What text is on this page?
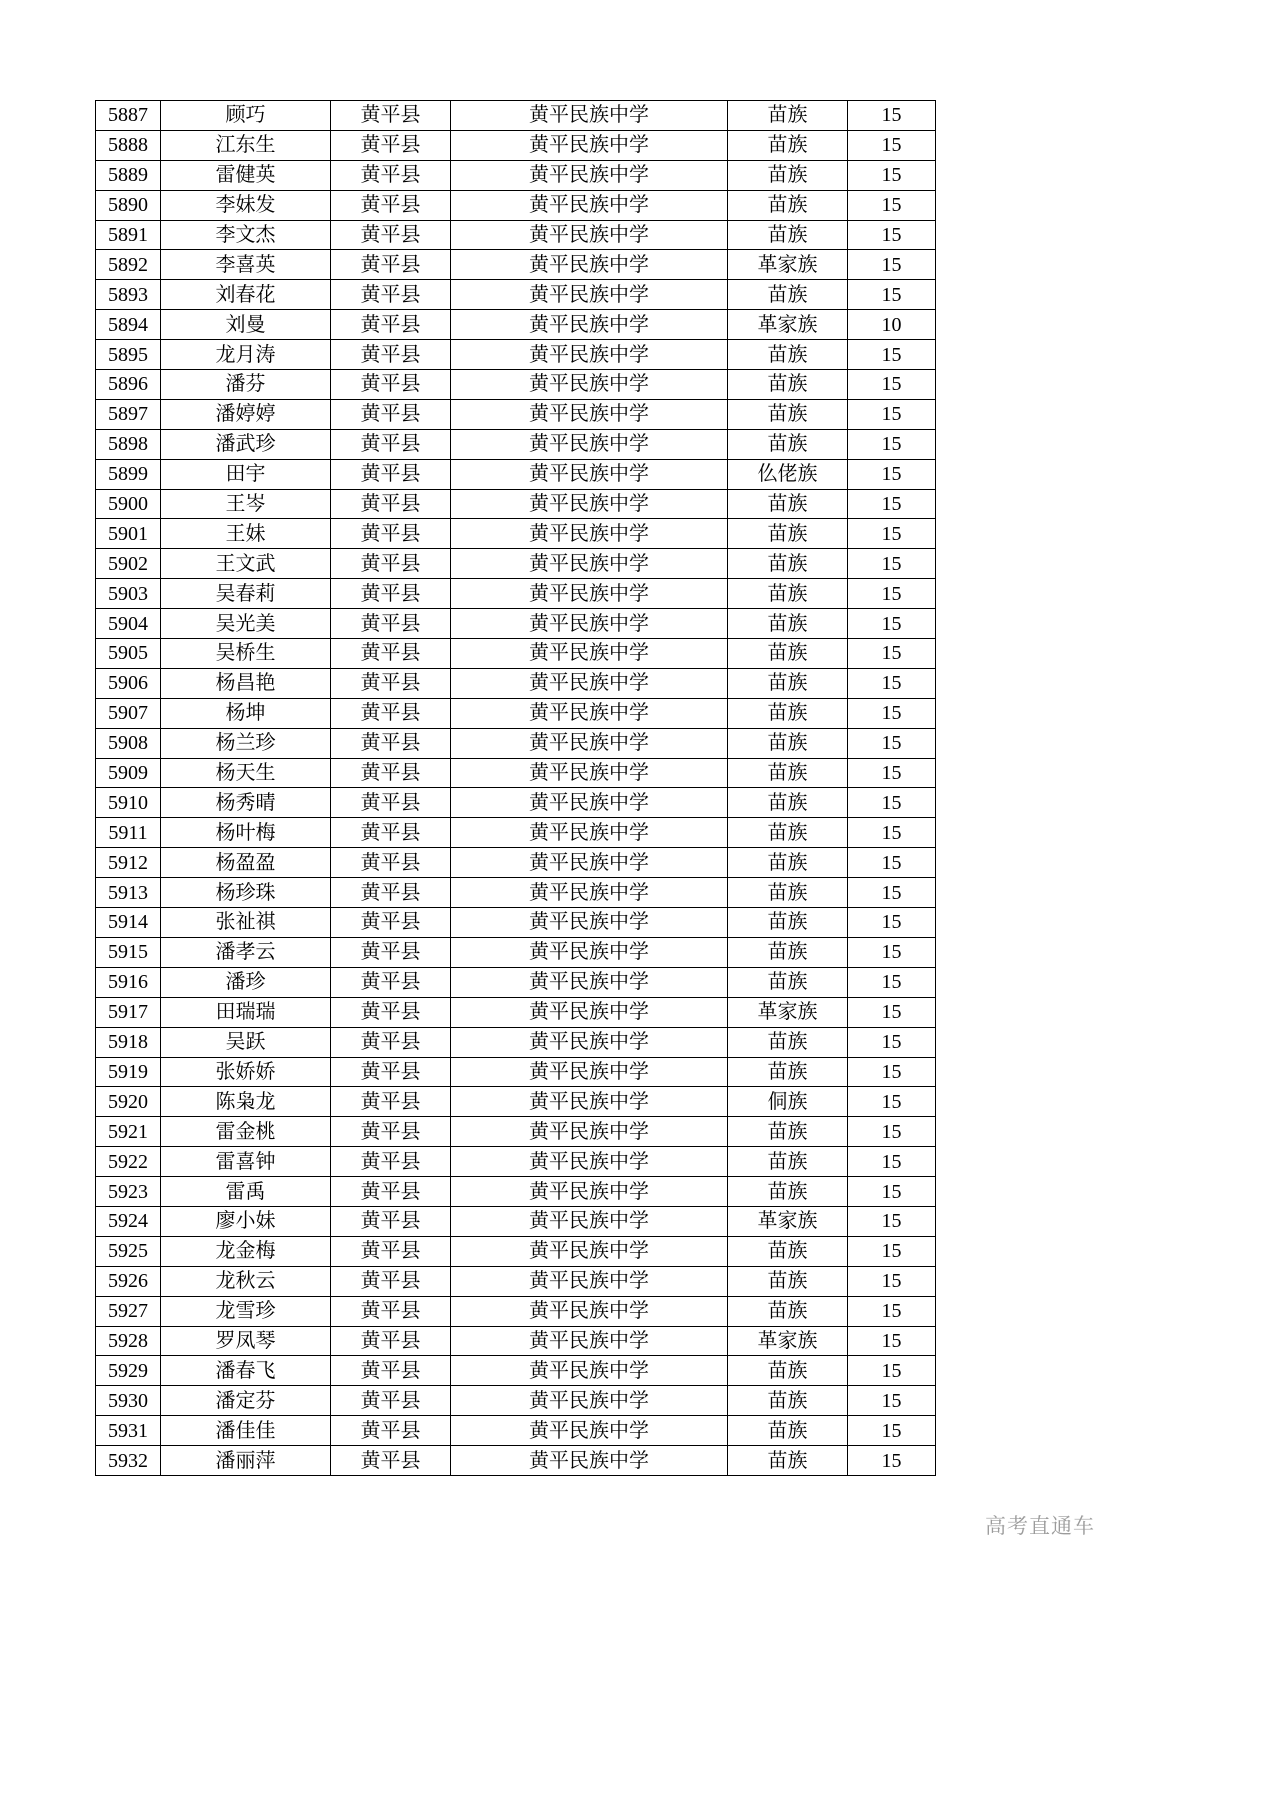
5887	顾巧	黄平县	黄平民族中学	苗族	15
5888	江东生	黄平县	黄平民族中学	苗族	15
5889	雷健英	黄平县	黄平民族中学	苗族	15
5890	李妹发	黄平县	黄平民族中学	苗族	15
5891	李文杰	黄平县	黄平民族中学	苗族	15
5892	李喜英	黄平县	黄平民族中学	革家族	15
5893	刘春花	黄平县	黄平民族中学	苗族	15
5894	刘曼	黄平县	黄平民族中学	革家族	10
5895	龙月涛	黄平县	黄平民族中学	苗族	15
5896	潘芬	黄平县	黄平民族中学	苗族	15
5897	潘婷婷	黄平县	黄平民族中学	苗族	15
5898	潘武珍	黄平县	黄平民族中学	苗族	15
5899	田宇	黄平县	黄平民族中学	仫佬族	15
5900	王岑	黄平县	黄平民族中学	苗族	15
5901	王妹	黄平县	黄平民族中学	苗族	15
5902	王文武	黄平县	黄平民族中学	苗族	15
5903	吴春莉	黄平县	黄平民族中学	苗族	15
5904	吴光美	黄平县	黄平民族中学	苗族	15
5905	吴桥生	黄平县	黄平民族中学	苗族	15
5906	杨昌艳	黄平县	黄平民族中学	苗族	15
5907	杨坤	黄平县	黄平民族中学	苗族	15
5908	杨兰珍	黄平县	黄平民族中学	苗族	15
5909	杨天生	黄平县	黄平民族中学	苗族	15
5910	杨秀晴	黄平县	黄平民族中学	苗族	15
5911	杨叶梅	黄平县	黄平民族中学	苗族	15
5912	杨盈盈	黄平县	黄平民族中学	苗族	15
5913	杨珍珠	黄平县	黄平民族中学	苗族	15
5914	张祉祺	黄平县	黄平民族中学	苗族	15
5915	潘孝云	黄平县	黄平民族中学	苗族	15
5916	潘珍	黄平县	黄平民族中学	苗族	15
5917	田瑞瑞	黄平县	黄平民族中学	革家族	15
5918	吴跃	黄平县	黄平民族中学	苗族	15
5919	张娇娇	黄平县	黄平民族中学	苗族	15
5920	陈枭龙	黄平县	黄平民族中学	侗族	15
5921	雷金桃	黄平县	黄平民族中学	苗族	15
5922	雷喜钟	黄平县	黄平民族中学	苗族	15
5923	雷禹	黄平县	黄平民族中学	苗族	15
5924	廖小妹	黄平县	黄平民族中学	革家族	15
5925	龙金梅	黄平县	黄平民族中学	苗族	15
5926	龙秋云	黄平县	黄平民族中学	苗族	15
5927	龙雪珍	黄平县	黄平民族中学	苗族	15
5928	罗凤琴	黄平县	黄平民族中学	革家族	15
5929	潘春飞	黄平县	黄平民族中学	苗族	15
5930	潘定芬	黄平县	黄平民族中学	苗族	15
5931	潘佳佳	黄平县	黄平民族中学	苗族	15
5932	潘丽萍	黄平县	黄平民族中学	苗族	15
高考直通车
